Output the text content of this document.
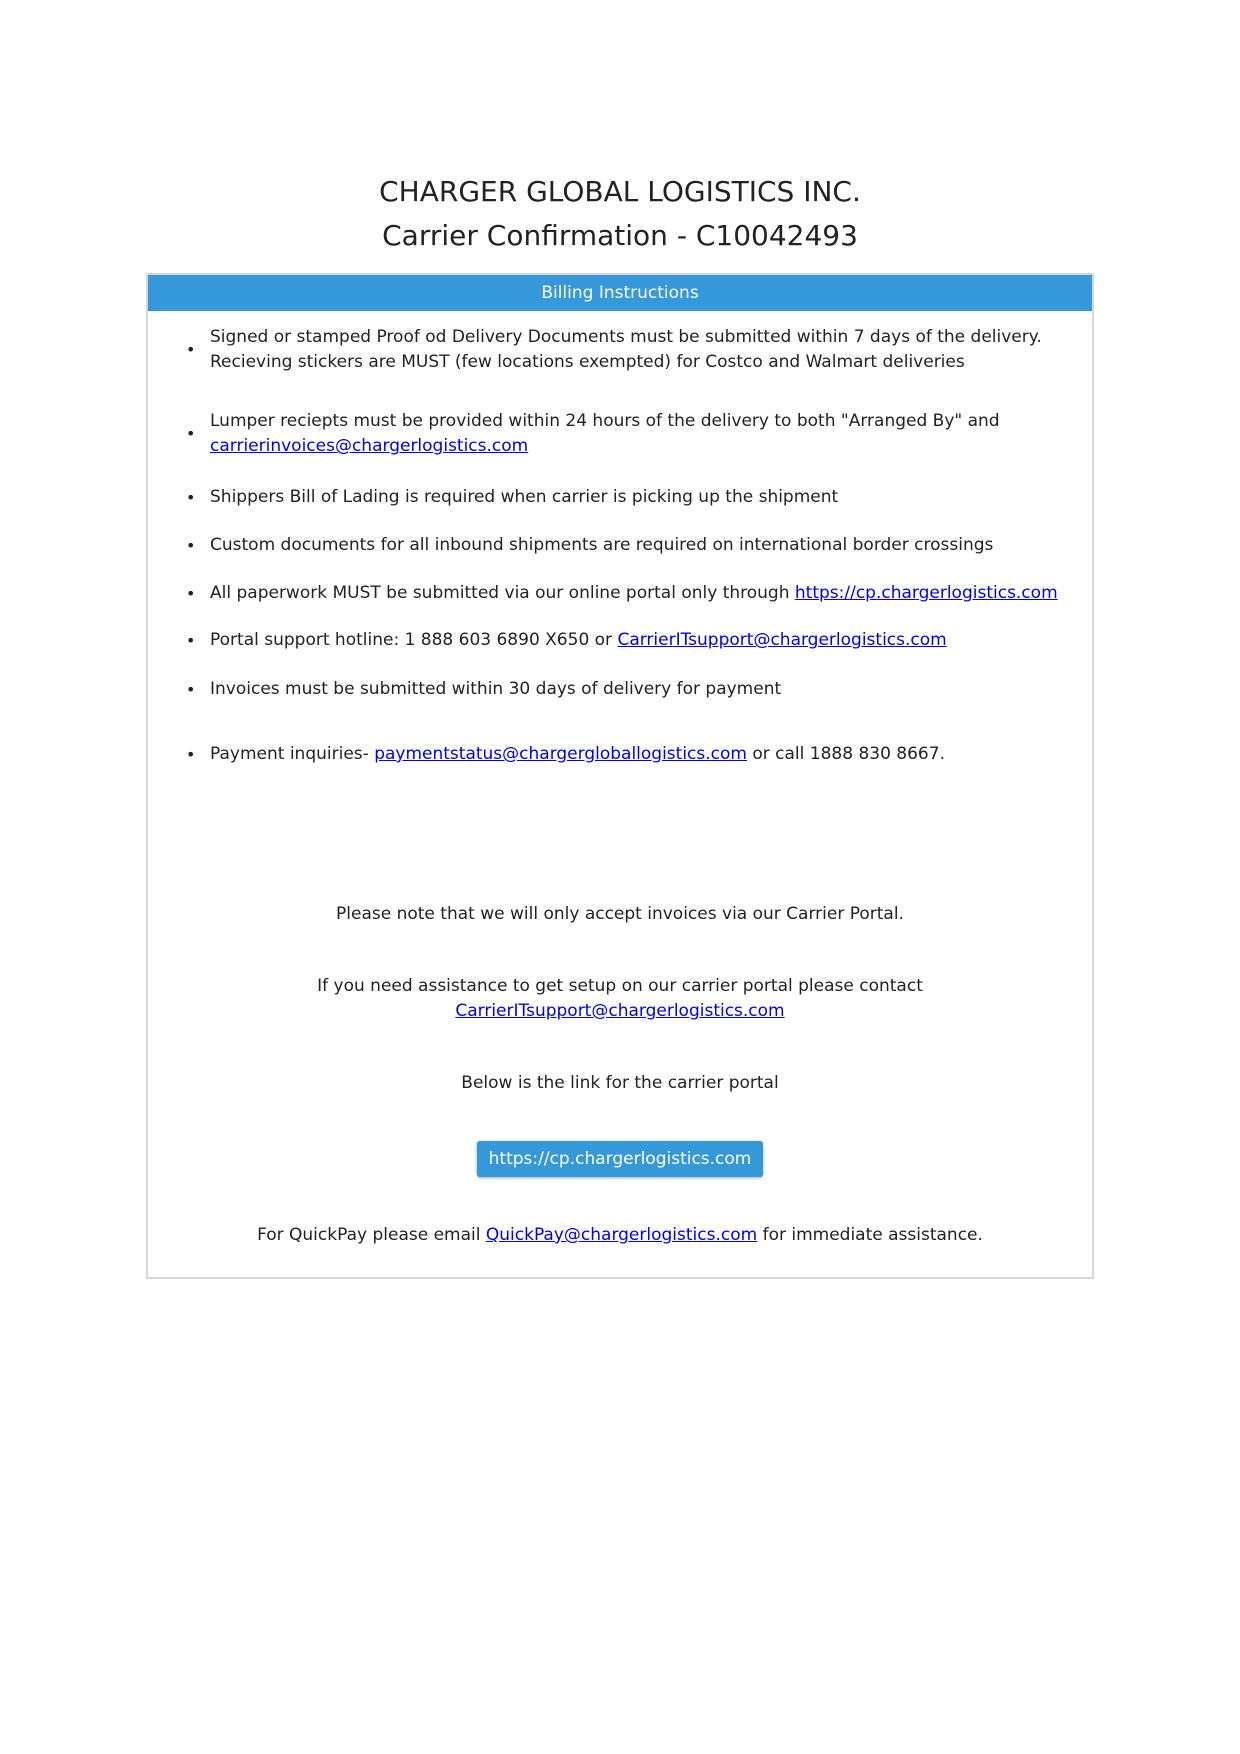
CHARGER GLOBAL LOGISTICS INC.
Carrier Confirmation - C10042493
Billing Instructions
•
Signed or stamped Proof od Delivery Documents must be submitted within 7 days of the delivery.
Recieving stickers are MUST (few locations exempted) for Costco and Walmart deliveries
•
Lumper reciepts must be provided within 24 hours of the delivery to both "Arranged By" and
carrierinvoices@chargerlogistics.com
• Shippers Bill of Lading is required when carrier is picking up the shipment
• Custom documents for all inbound shipments are required on international border crossings
• All paperwork MUST be submitted via our online portal only through https://cp.chargerlogistics.com
• Portal support hotline: 1 888 603 6890 X650 or CarrierITsupport@chargerlogistics.com
• Invoices must be submitted within 30 days of delivery for payment
• Payment inquiries- paymentstatus@chargergloballogistics.com or call 1888 830 8667.
Please note that we will only accept invoices via our Carrier Portal.
If you need assistance to get setup on our carrier portal please contact
CarrierITsupport@chargerlogistics.com
Below is the link for the carrier portal
https://cp.chargerlogistics.com
For QuickPay please email QuickPay@chargerlogistics.com for immediate assistance.
